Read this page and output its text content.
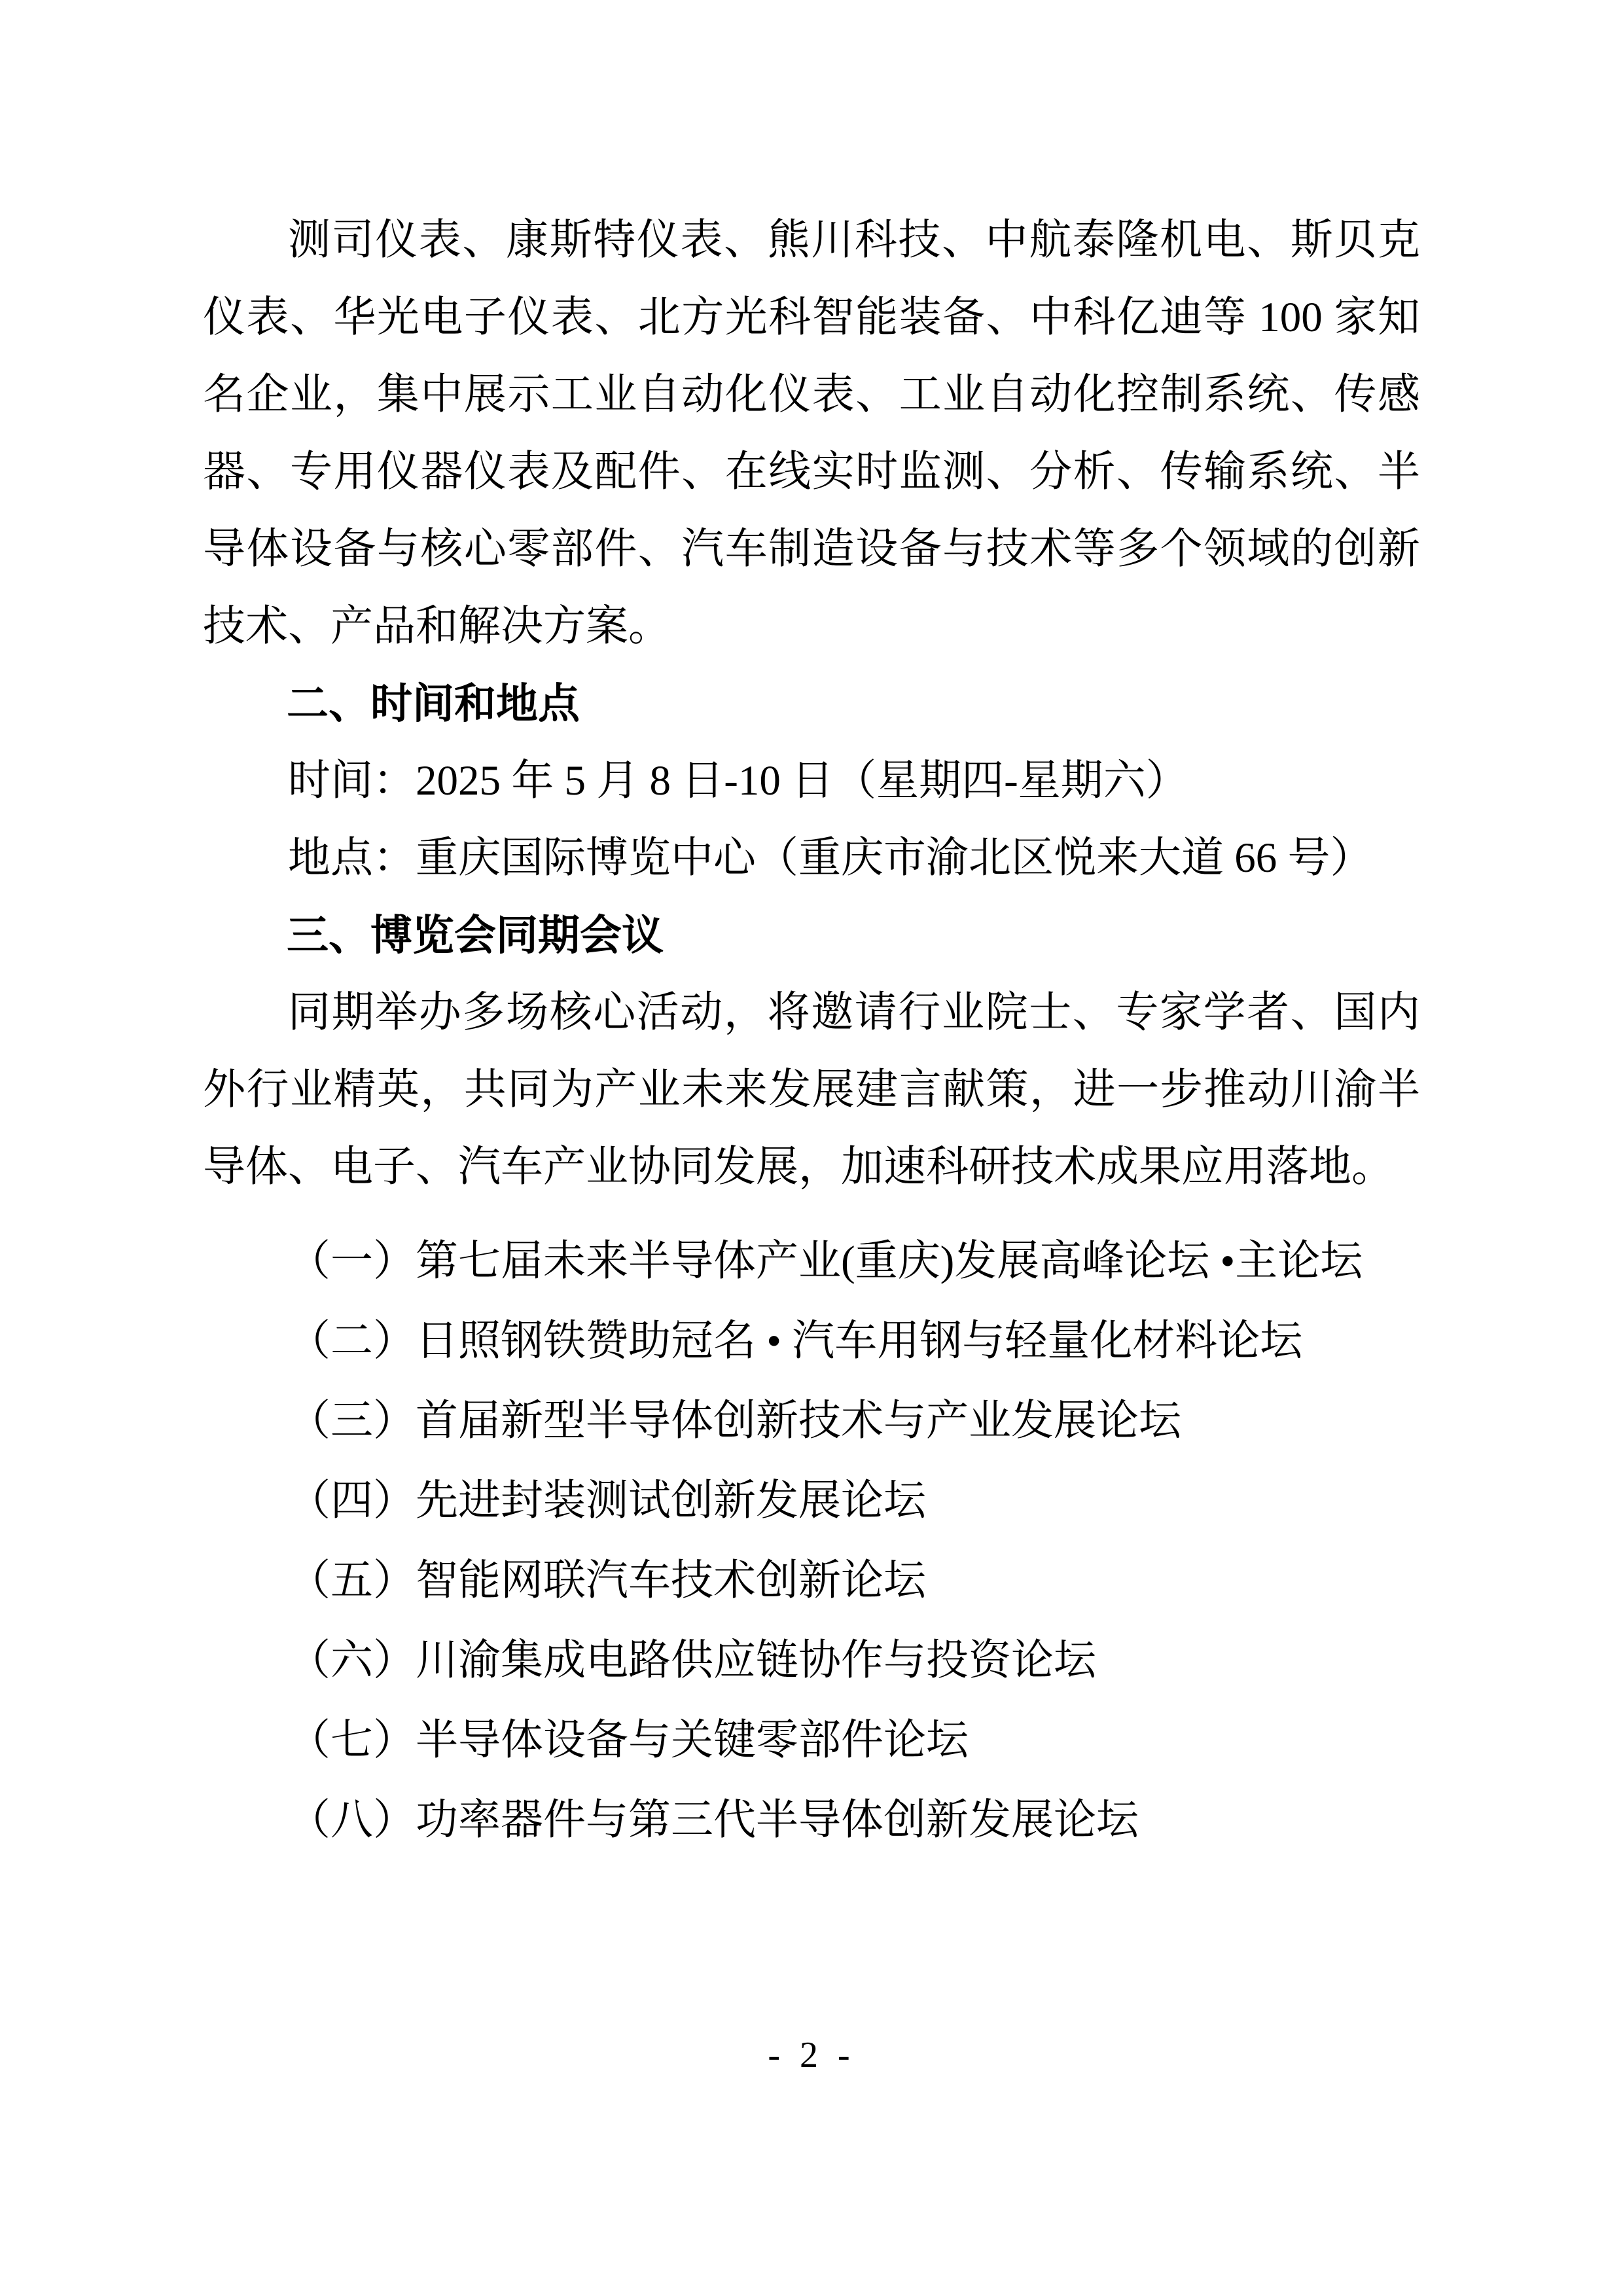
测司仪表、康斯特仪表、熊川科技、中航泰隆机电、斯贝克仪表、华光电子仪表、北方光科智能装备、中科亿迪等 100 家知名企业，集中展示工业自动化仪表、工业自动化控制系统、传感器、专用仪器仪表及配件、在线实时监测、分析、传输系统、半导体设备与核心零部件、汽车制造设备与技术等多个领域的创新技术、产品和解决方案。

二、时间和地点

时间：2025 年 5 月 8 日-10 日（星期四-星期六）

地点：重庆国际博览中心（重庆市渝北区悦来大道 66 号）

三、博览会同期会议

同期举办多场核心活动，将邀请行业院士、专家学者、国内外行业精英，共同为产业未来发展建言献策，进一步推动川渝半导体、电子、汽车产业协同发展，加速科研技术成果应用落地。

（一）第七届未来半导体产业(重庆)发展高峰论坛 •主论坛

（二）日照钢铁赞助冠名 • 汽车用钢与轻量化材料论坛

（三）首届新型半导体创新技术与产业发展论坛

（四）先进封装测试创新发展论坛

（五）智能网联汽车技术创新论坛

（六）川渝集成电路供应链协作与投资论坛

（七）半导体设备与关键零部件论坛

（八）功率器件与第三代半导体创新发展论坛

- 2 -
